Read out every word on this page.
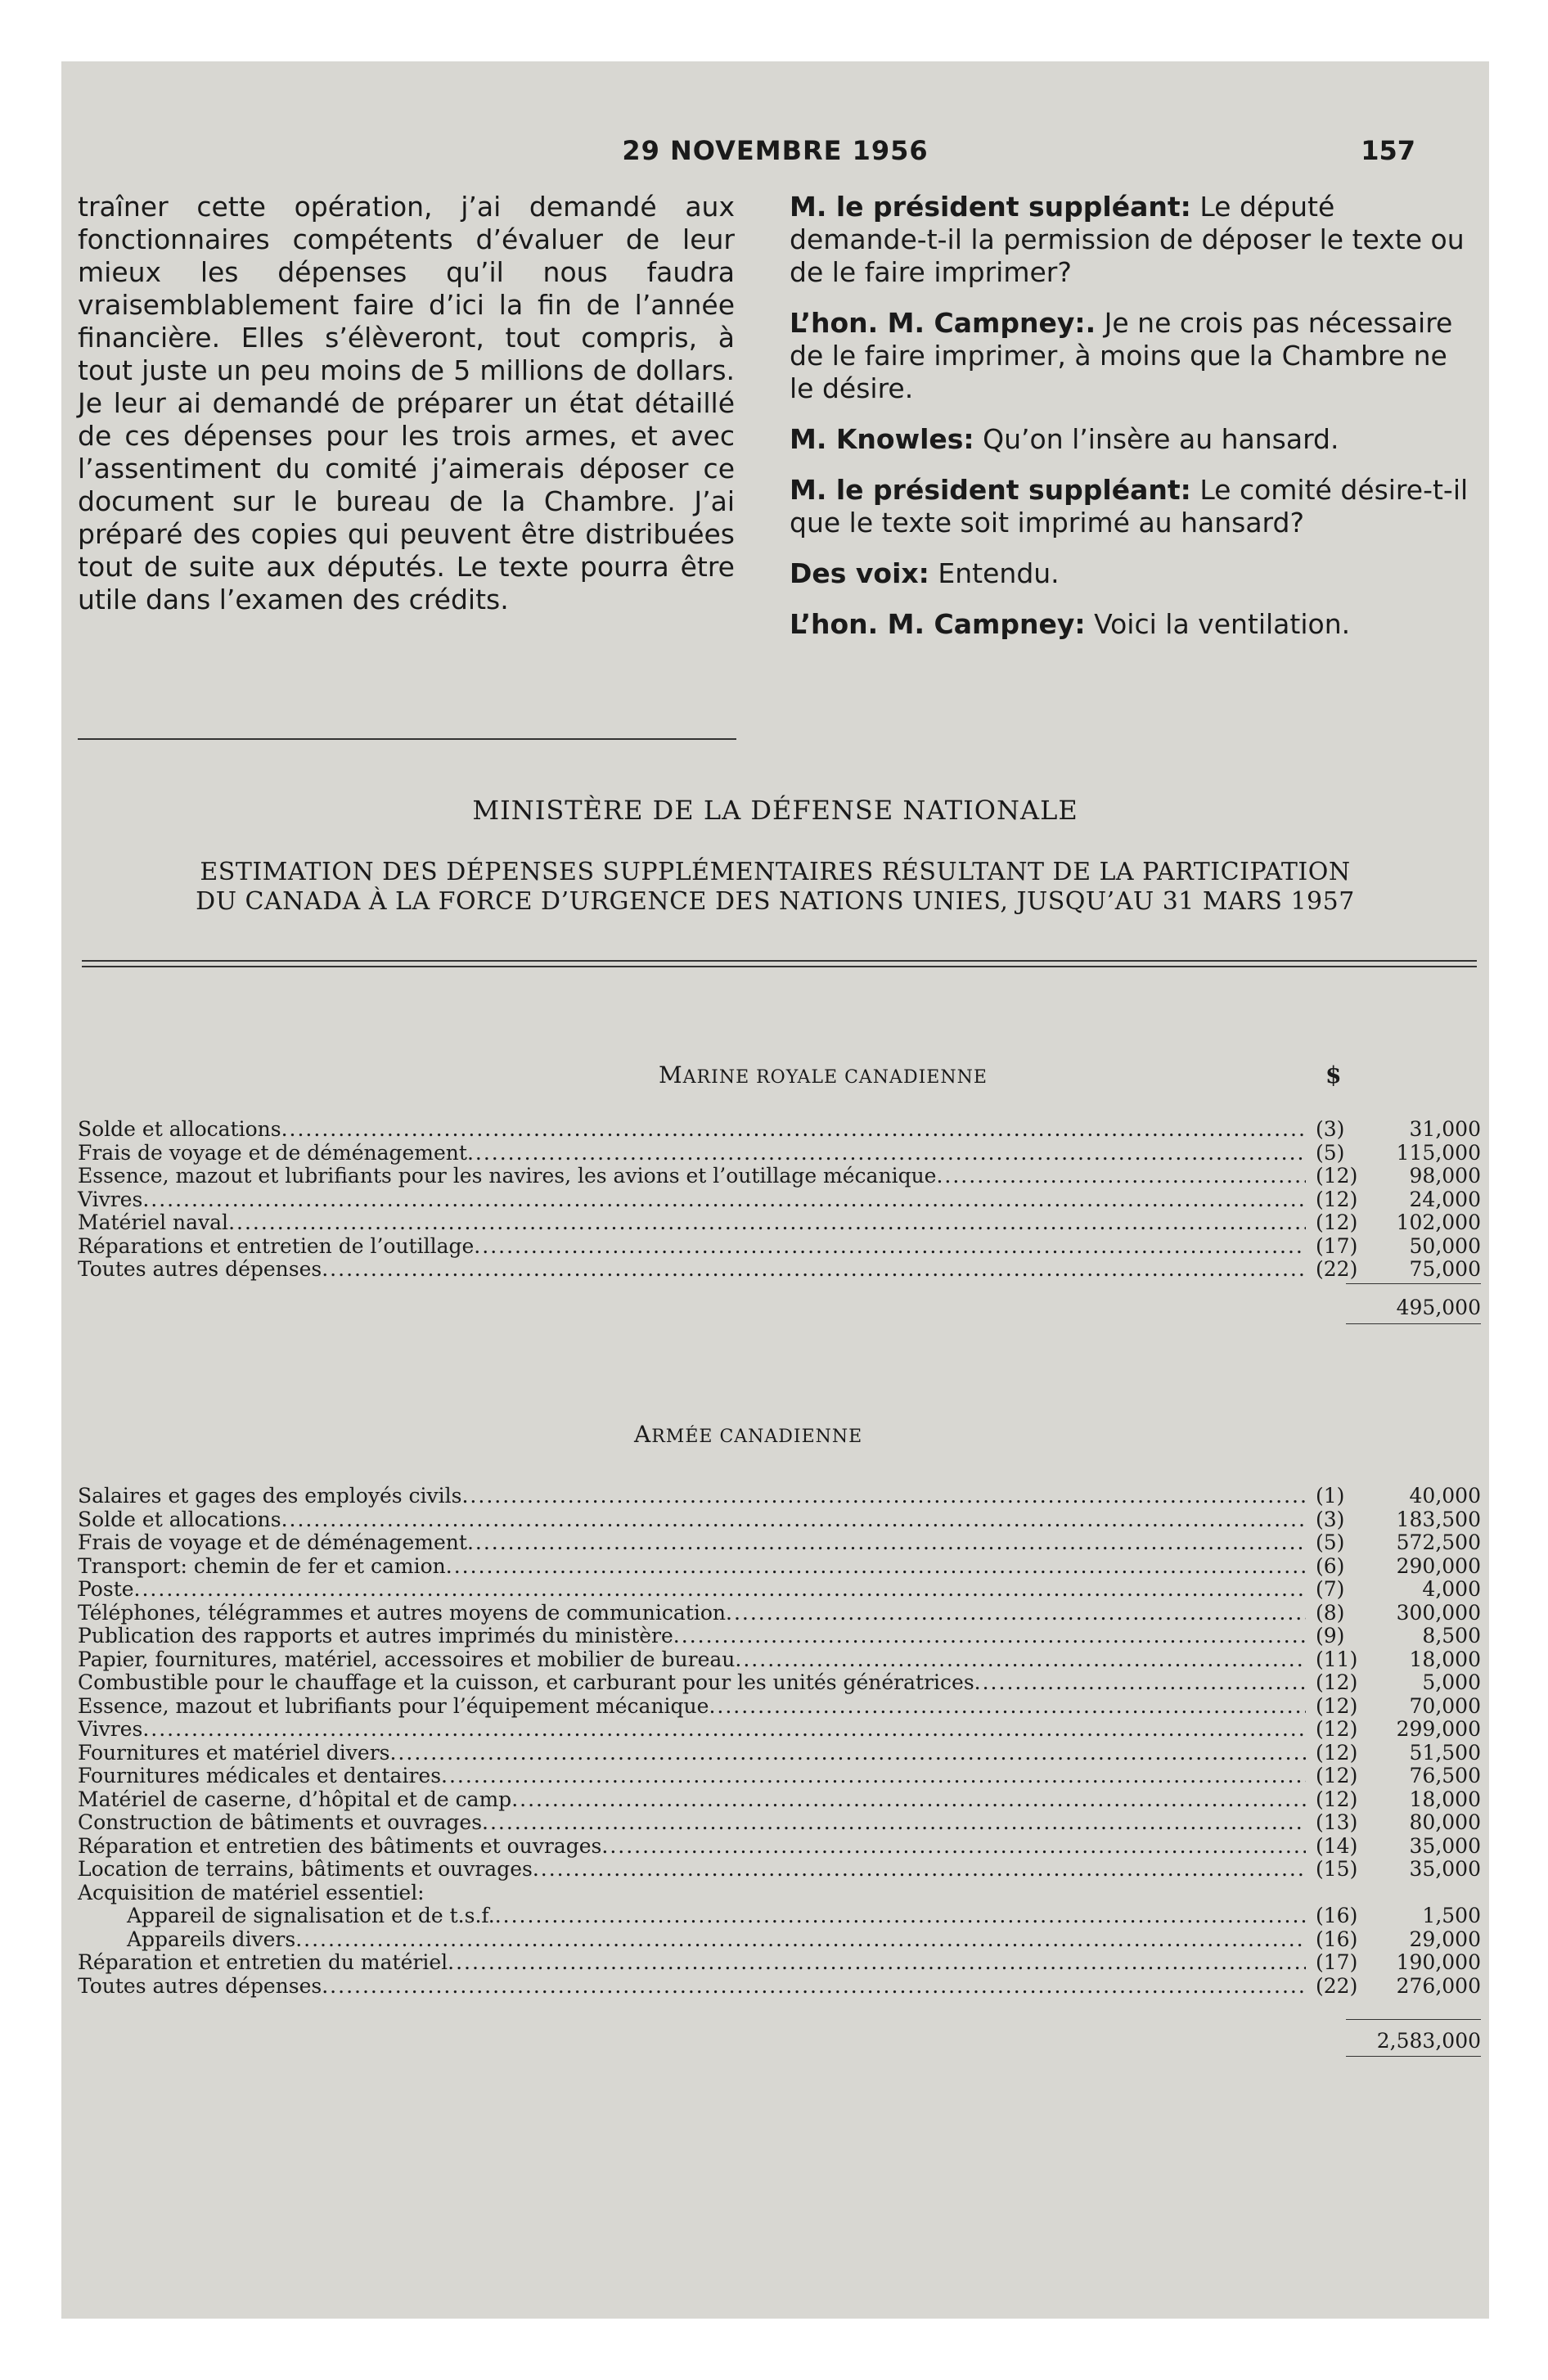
29 NOVEMBRE 1956	157

traîner cette opération, j’ai demandé aux fonctionnaires compétents d’évaluer de leur mieux les dépenses qu’il nous faudra vraisemblablement faire d’ici la fin de l’année financière. Elles s’élèveront, tout compris, à tout juste un peu moins de 5 millions de dollars. Je leur ai demandé de préparer un état détaillé de ces dépenses pour les trois armes, et avec l’assentiment du comité j’aimerais déposer ce document sur le bureau de la Chambre. J’ai préparé des copies qui peuvent être distribuées tout de suite aux députés. Le texte pourra être utile dans l’examen des crédits.

M. le président suppléant: Le député demande-t-il la permission de déposer le texte ou de le faire imprimer?

L’hon. M. Campney:. Je ne crois pas nécessaire de le faire imprimer, à moins que la Chambre ne le désire.

M. Knowles: Qu’on l’insère au hansard.

M. le président suppléant: Le comité désire-t-il que le texte soit imprimé au hansard?

Des voix: Entendu.

L’hon. M. Campney: Voici la ventilation.

MINISTÈRE DE LA DÉFENSE NATIONALE
ESTIMATION DES DÉPENSES SUPPLÉMENTAIRES RÉSULTANT DE LA PARTICIPATION
DU CANADA À LA FORCE D’URGENCE DES NATIONS UNIES, JUSQU’AU 31 MARS 1957
MARINE ROYALE CANADIENNE	$
Solde et allocations .....	(3)	31,000
Frais de voyage et de déménagement .....	(5)	115,000
Essence, mazout et lubrifiants pour les navires, les avions et l’outillage mécanique .....	(12)	98,000
Vivres .....	(12)	24,000
Matériel naval .....	(12)	102,000
Réparations et entretien de l’outillage .....	(17)	50,000
Toutes autres dépenses .....	(22)	75,000
495,000
ARMÉE CANADIENNE
Salaires et gages des employés civils .....	(1)	40,000
Solde et allocations .....	(3)	183,500
Frais de voyage et de déménagement .....	(5)	572,500
Transport: chemin de fer et camion .....	(6)	290,000
Poste .....	(7)	4,000
Téléphones, télégrammes et autres moyens de communication .....	(8)	300,000
Publication des rapports et autres imprimés du ministère .....	(9)	8,500
Papier, fournitures, matériel, accessoires et mobilier de bureau .....	(11)	18,000
Combustible pour le chauffage et la cuisson, et carburant pour les unités génératrices .....	(12)	5,000
Essence, mazout et lubrifiants pour l’équipement mécanique .....	(12)	70,000
Vivres .....	(12)	299,000
Fournitures et matériel divers .....	(12)	51,500
Fournitures médicales et dentaires .....	(12)	76,500
Matériel de caserne, d’hôpital et de camp .....	(12)	18,000
Construction de bâtiments et ouvrages .....	(13)	80,000
Réparation et entretien des bâtiments et ouvrages .....	(14)	35,000
Location de terrains, bâtiments et ouvrages .....	(15)	35,000
Acquisition de matériel essentiel:
Appareil de signalisation et de t.s.f. .....	(16)	1,500
Appareils divers .....	(16)	29,000
Réparation et entretien du matériel .....	(17)	190,000
Toutes autres dépenses .....	(22)	276,000
2,583,000
